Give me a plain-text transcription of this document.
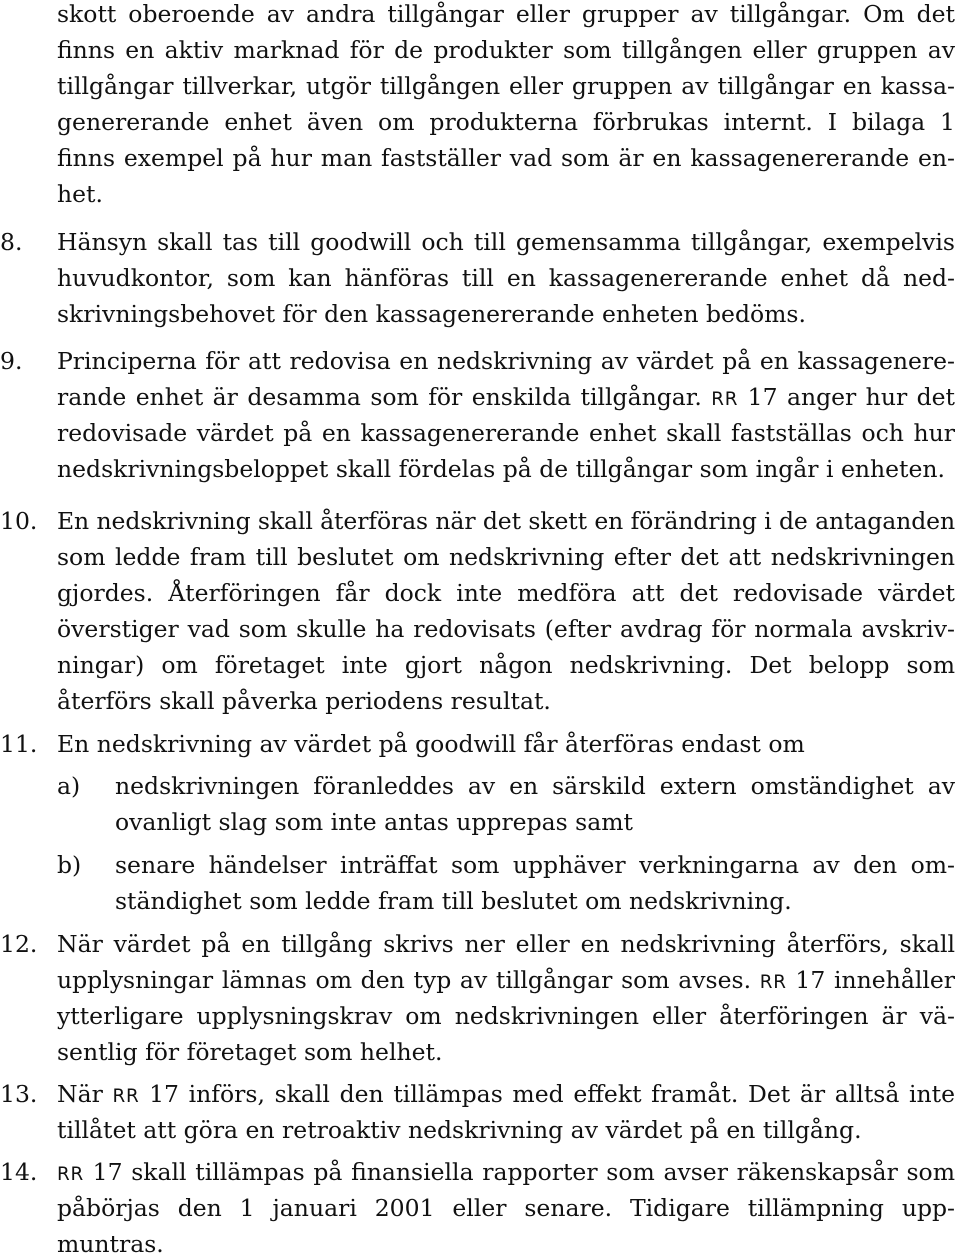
skott oberoende av andra tillgångar eller grupper av tillgångar. Om det
finns en aktiv marknad för de produkter som tillgången eller gruppen av
tillgångar tillverkar, utgör tillgången eller gruppen av tillgångar en kassa-
genererande enhet även om produkterna förbrukas internt. I bilaga 1
finns exempel på hur man fastställer vad som är en kassagenererande en-
het.
8.	Hänsyn skall tas till goodwill och till gemensamma tillgångar, exempelvis
huvudkontor, som kan hänföras till en kassagenererande enhet då ned-
skrivningsbehovet för den kassagenererande enheten bedöms.
9.	Principerna för att redovisa en nedskrivning av värdet på en kassagenere-
rande enhet är desamma som för enskilda tillgångar. RR 17 anger hur det
redovisade värdet på en kassagenererande enhet skall fastställas och hur
nedskrivningsbeloppet skall fördelas på de tillgångar som ingår i enheten.
10. En nedskrivning skall återföras när det skett en förändring i de antaganden
som ledde fram till beslutet om nedskrivning efter det att nedskrivningen
gjordes. Återföringen får dock inte medföra att det redovisade värdet
överstiger vad som skulle ha redovisats (efter avdrag för normala avskriv-
ningar) om företaget inte gjort någon nedskrivning. Det belopp som
återförs skall påverka periodens resultat.
11. En nedskrivning av värdet på goodwill får återföras endast om
a)	nedskrivningen föranleddes av en särskild extern omständighet av
ovanligt slag som inte antas upprepas samt
b)	senare händelser inträffat som upphäver verkningarna av den om-
ständighet som ledde fram till beslutet om nedskrivning.
12. När värdet på en tillgång skrivs ner eller en nedskrivning återförs, skall
upplysningar lämnas om den typ av tillgångar som avses. RR 17 innehåller
ytterligare upplysningskrav om nedskrivningen eller återföringen är vä-
sentlig för företaget som helhet.
13. När RR 17 införs, skall den tillämpas med effekt framåt. Det är alltså inte
tillåtet att göra en retroaktiv nedskrivning av värdet på en tillgång.
14.	RR 17 skall tillämpas på finansiella rapporter som avser räkenskapsår som
påbörjas den 1 januari 2001 eller senare. Tidigare tillämpning upp-
muntras.
